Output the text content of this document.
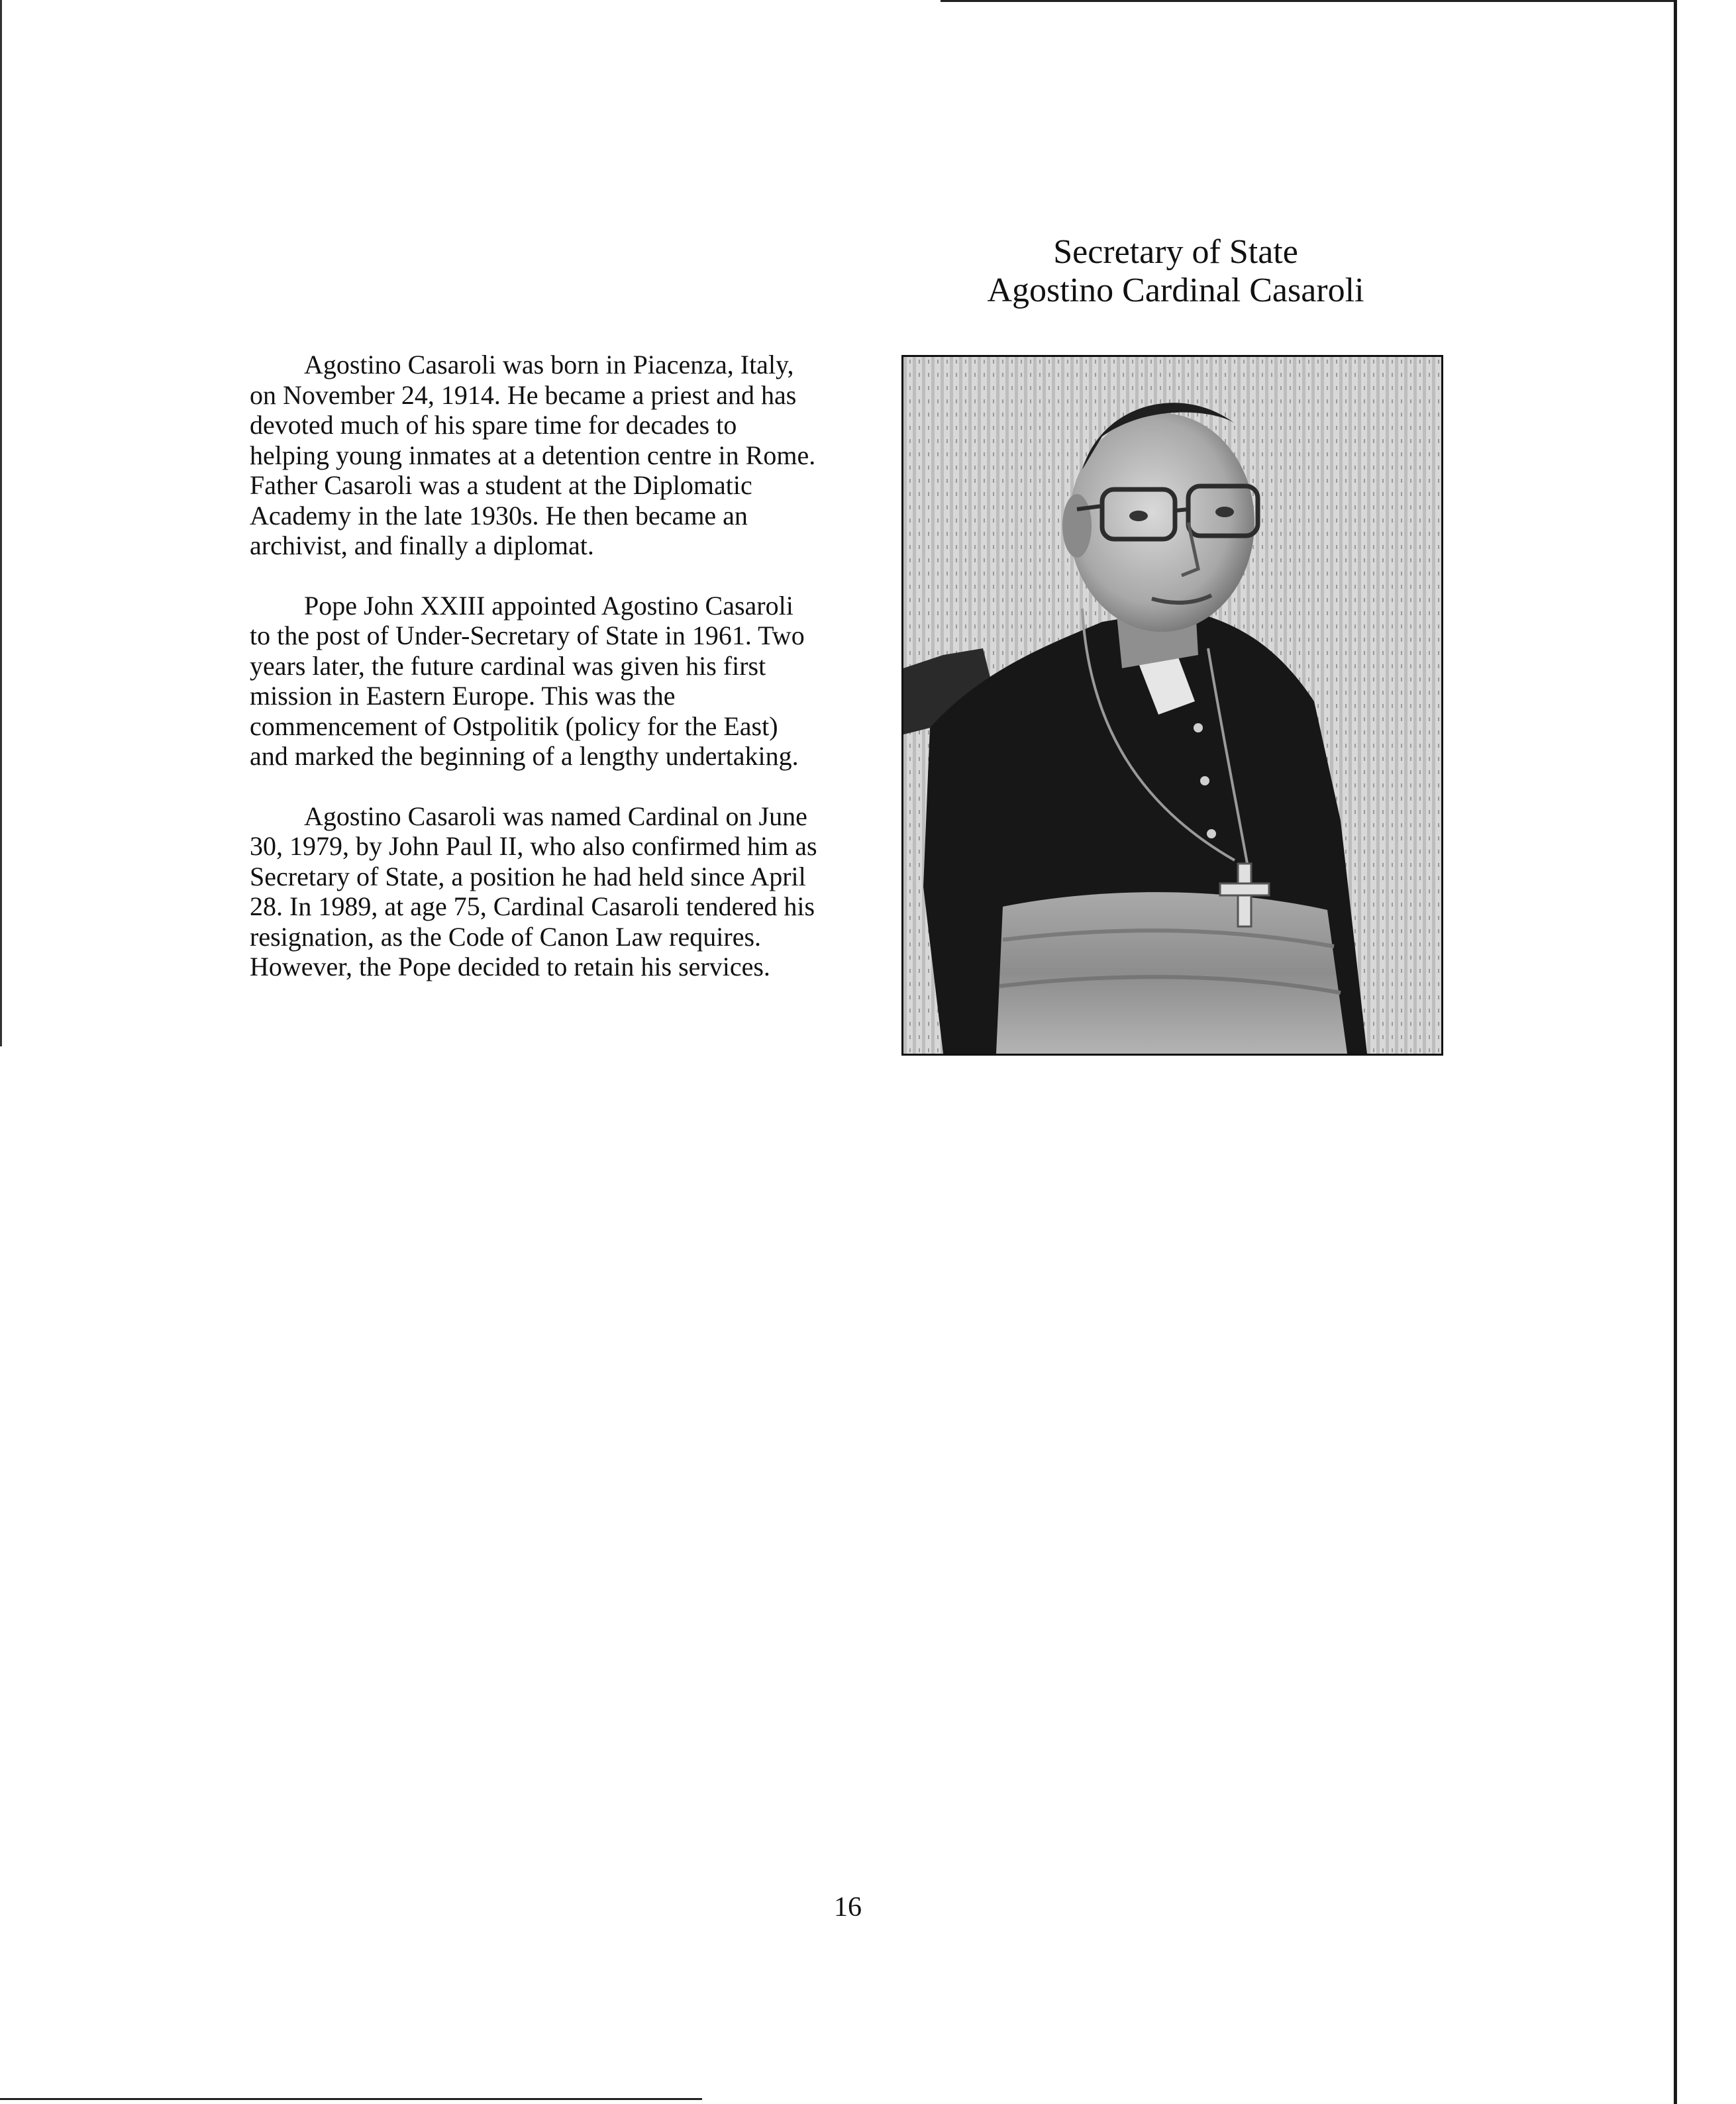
Secretary of State
Agostino Cardinal Casaroli

Agostino Casaroli was born in Piacenza, Italy, on November 24, 1914. He became a priest and has devoted much of his spare time for decades to helping young inmates at a detention centre in Rome. Father Casaroli was a student at the Diplomatic Academy in the late 1930s. He then became an archivist, and finally a diplomat.

Pope John XXIII appointed Agostino Casaroli to the post of Under-Secretary of State in 1961. Two years later, the future cardinal was given his first mission in Eastern Europe. This was the commencement of Ostpolitik (policy for the East) and marked the beginning of a lengthy undertaking.

Agostino Casaroli was named Cardinal on June 30, 1979, by John Paul II, who also confirmed him as Secretary of State, a position he had held since April 28. In 1989, at age 75, Cardinal Casaroli tendered his resignation, as the Code of Canon Law requires. However, the Pope decided to retain his services.

16
